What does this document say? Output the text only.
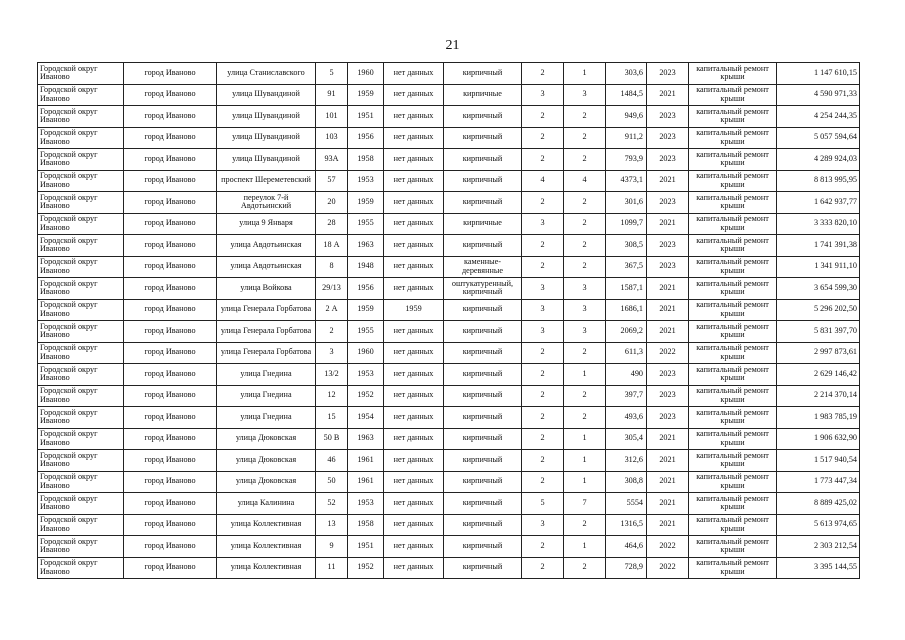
21
Городской округ Иваново	город Иваново	улица Станиславского	5	1960	нет данных	кирпичный	2	1	303,6	2023	капитальный ремонт крыши	1 147 610,15
Городской округ Иваново	город Иваново	улица Шувандиной	91	1959	нет данных	кирпичные	3	3	1484,5	2021	капитальный ремонт крыши	4 590 971,33
Городской округ Иваново	город Иваново	улица Шувандиной	101	1951	нет данных	кирпичный	2	2	949,6	2023	капитальный ремонт крыши	4 254 244,35
Городской округ Иваново	город Иваново	улица Шувандиной	103	1956	нет данных	кирпичный	2	2	911,2	2023	капитальный ремонт крыши	5 057 594,64
Городской округ Иваново	город Иваново	улица Шувандиной	93А	1958	нет данных	кирпичный	2	2	793,9	2023	капитальный ремонт крыши	4 289 924,03
Городской округ Иваново	город Иваново	проспект Шереметевский	57	1953	нет данных	кирпичный	4	4	4373,1	2021	капитальный ремонт крыши	8 813 995,95
Городской округ Иваново	город Иваново	переулок 7-й Авдотьинский	20	1959	нет данных	кирпичный	2	2	301,6	2023	капитальный ремонт крыши	1 642 937,77
Городской округ Иваново	город Иваново	улица 9 Января	28	1955	нет данных	кирпичные	3	2	1099,7	2021	капитальный ремонт крыши	3 333 820,10
Городской округ Иваново	город Иваново	улица Авдотьинская	18 А	1963	нет данных	кирпичный	2	2	308,5	2023	капитальный ремонт крыши	1 741 391,38
Городской округ Иваново	город Иваново	улица Авдотьинская	8	1948	нет данных	каменные-деревянные	2	2	367,5	2023	капитальный ремонт крыши	1 341 911,10
Городской округ Иваново	город Иваново	улица Войкова	29/13	1956	нет данных	оштукатуренный, кирпичный	3	3	1587,1	2021	капитальный ремонт крыши	3 654 599,30
Городской округ Иваново	город Иваново	улица Генерала Горбатова	2 А	1959	1959	кирпичный	3	3	1686,1	2021	капитальный ремонт крыши	5 296 202,50
Городской округ Иваново	город Иваново	улица Генерала Горбатова	2	1955	нет данных	кирпичный	3	3	2069,2	2021	капитальный ремонт крыши	5 831 397,70
Городской округ Иваново	город Иваново	улица Генерала Горбатова	3	1960	нет данных	кирпичный	2	2	611,3	2022	капитальный ремонт крыши	2 997 873,61
Городской округ Иваново	город Иваново	улица Гнедина	13/2	1953	нет данных	кирпичный	2	1	490	2023	капитальный ремонт крыши	2 629 146,42
Городской округ Иваново	город Иваново	улица Гнедина	12	1952	нет данных	кирпичный	2	2	397,7	2023	капитальный ремонт крыши	2 214 370,14
Городской округ Иваново	город Иваново	улица Гнедина	15	1954	нет данных	кирпичный	2	2	493,6	2023	капитальный ремонт крыши	1 983 785,19
Городской округ Иваново	город Иваново	улица Дюковская	50 В	1963	нет данных	кирпичный	2	1	305,4	2021	капитальный ремонт крыши	1 906 632,90
Городской округ Иваново	город Иваново	улица Дюковская	46	1961	нет данных	кирпичный	2	1	312,6	2021	капитальный ремонт крыши	1 517 940,54
Городской округ Иваново	город Иваново	улица Дюковская	50	1961	нет данных	кирпичный	2	1	308,8	2021	капитальный ремонт крыши	1 773 447,34
Городской округ Иваново	город Иваново	улица Калинина	52	1953	нет данных	кирпичный	5	7	5554	2021	капитальный ремонт крыши	8 889 425,02
Городской округ Иваново	город Иваново	улица Коллективная	13	1958	нет данных	кирпичный	3	2	1316,5	2021	капитальный ремонт крыши	5 613 974,65
Городской округ Иваново	город Иваново	улица Коллективная	9	1951	нет данных	кирпичный	2	1	464,6	2022	капитальный ремонт крыши	2 303 212,54
Городской округ Иваново	город Иваново	улица Коллективная	11	1952	нет данных	кирпичный	2	2	728,9	2022	капитальный ремонт крыши	3 395 144,55
